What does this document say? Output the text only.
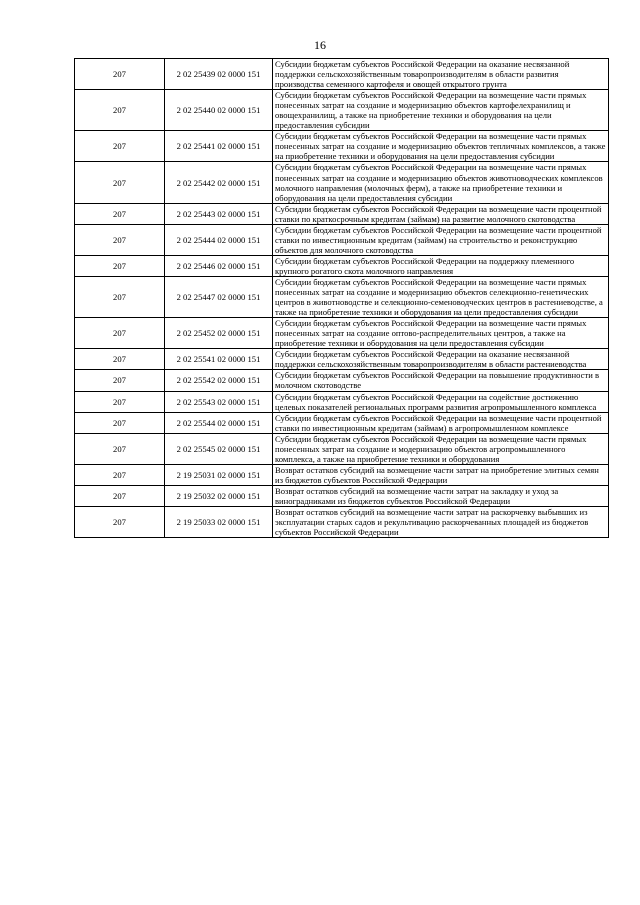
16
207	2 02 25439 02 0000 151	Субсидии бюджетам субъектов Российской Федерации на оказание несвязанной поддержки сельскохозяйственным товаропроизводителям в области развития производства семенного картофеля и овощей открытого грунта
207	2 02 25440 02 0000 151	Субсидии бюджетам субъектов Российской Федерации на возмещение части прямых понесенных затрат на создание и модернизацию объектов картофелехранилищ и овощехранилищ, а также на приобретение техники и оборудования на цели предоставления субсидии
207	2 02 25441 02 0000 151	Субсидии бюджетам субъектов Российской Федерации на возмещение части прямых понесенных затрат на создание и модернизацию объектов тепличных комплексов, а также на приобретение техники и оборудования на цели предоставления субсидии
207	2 02 25442 02 0000 151	Субсидии бюджетам субъектов Российской Федерации на возмещение части прямых понесенных затрат на создание и модернизацию объектов животноводческих комплексов молочного направления (молочных ферм), а также на приобретение техники и оборудования на цели предоставления субсидии
207	2 02 25443 02 0000 151	Субсидии бюджетам субъектов Российской Федерации на возмещение части процентной ставки по краткосрочным кредитам (займам) на развитие молочного скотоводства
207	2 02 25444 02 0000 151	Субсидии бюджетам субъектов Российской Федерации на возмещение части процентной ставки по инвестиционным кредитам (займам) на строительство и реконструкцию объектов для молочного скотоводства
207	2 02 25446 02 0000 151	Субсидии бюджетам субъектов Российской Федерации на поддержку племенного крупного рогатого скота молочного направления
207	2 02 25447 02 0000 151	Субсидии бюджетам субъектов Российской Федерации на возмещение части прямых понесенных затрат на создание и модернизацию объектов селекционно-генетических центров в животноводстве и селекционно-семеноводческих центров в растениеводстве, а также на приобретение техники и оборудования на цели предоставления субсидии
207	2 02 25452 02 0000 151	Субсидии бюджетам субъектов Российской Федерации на возмещение части прямых понесенных затрат на создание оптово-распределительных центров, а также на приобретение техники и оборудования на цели предоставления субсидии
207	2 02 25541 02 0000 151	Субсидии бюджетам субъектов Российской Федерации на оказание несвязанной поддержки сельскохозяйственным товаропроизводителям в области растениеводства
207	2 02 25542 02 0000 151	Субсидии бюджетам субъектов Российской Федерации на повышение продуктивности в молочном скотоводстве
207	2 02 25543 02 0000 151	Субсидии бюджетам субъектов Российской Федерации на содействие достижению целевых показателей региональных программ развития агропромышленного комплекса
207	2 02 25544 02 0000 151	Субсидии бюджетам субъектов Российской Федерации на возмещение части процентной ставки по инвестиционным кредитам (займам) в агропромышленном комплексе
207	2 02 25545 02 0000 151	Субсидии бюджетам субъектов Российской Федерации на возмещение части прямых понесенных затрат на создание и модернизацию объектов агропромышленного комплекса, а также на приобретение техники и оборудования
207	2 19 25031 02 0000 151	Возврат остатков субсидий на возмещение части затрат на приобретение элитных семян из бюджетов субъектов Российской Федерации
207	2 19 25032 02 0000 151	Возврат остатков субсидий на возмещение части затрат на закладку и уход за виноградниками из бюджетов субъектов Российской Федерации
207	2 19 25033 02 0000 151	Возврат остатков субсидий на возмещение части затрат на раскорчевку выбывших из эксплуатации старых садов и рекультивацию раскорчеванных площадей из бюджетов субъектов Российской Федерации
